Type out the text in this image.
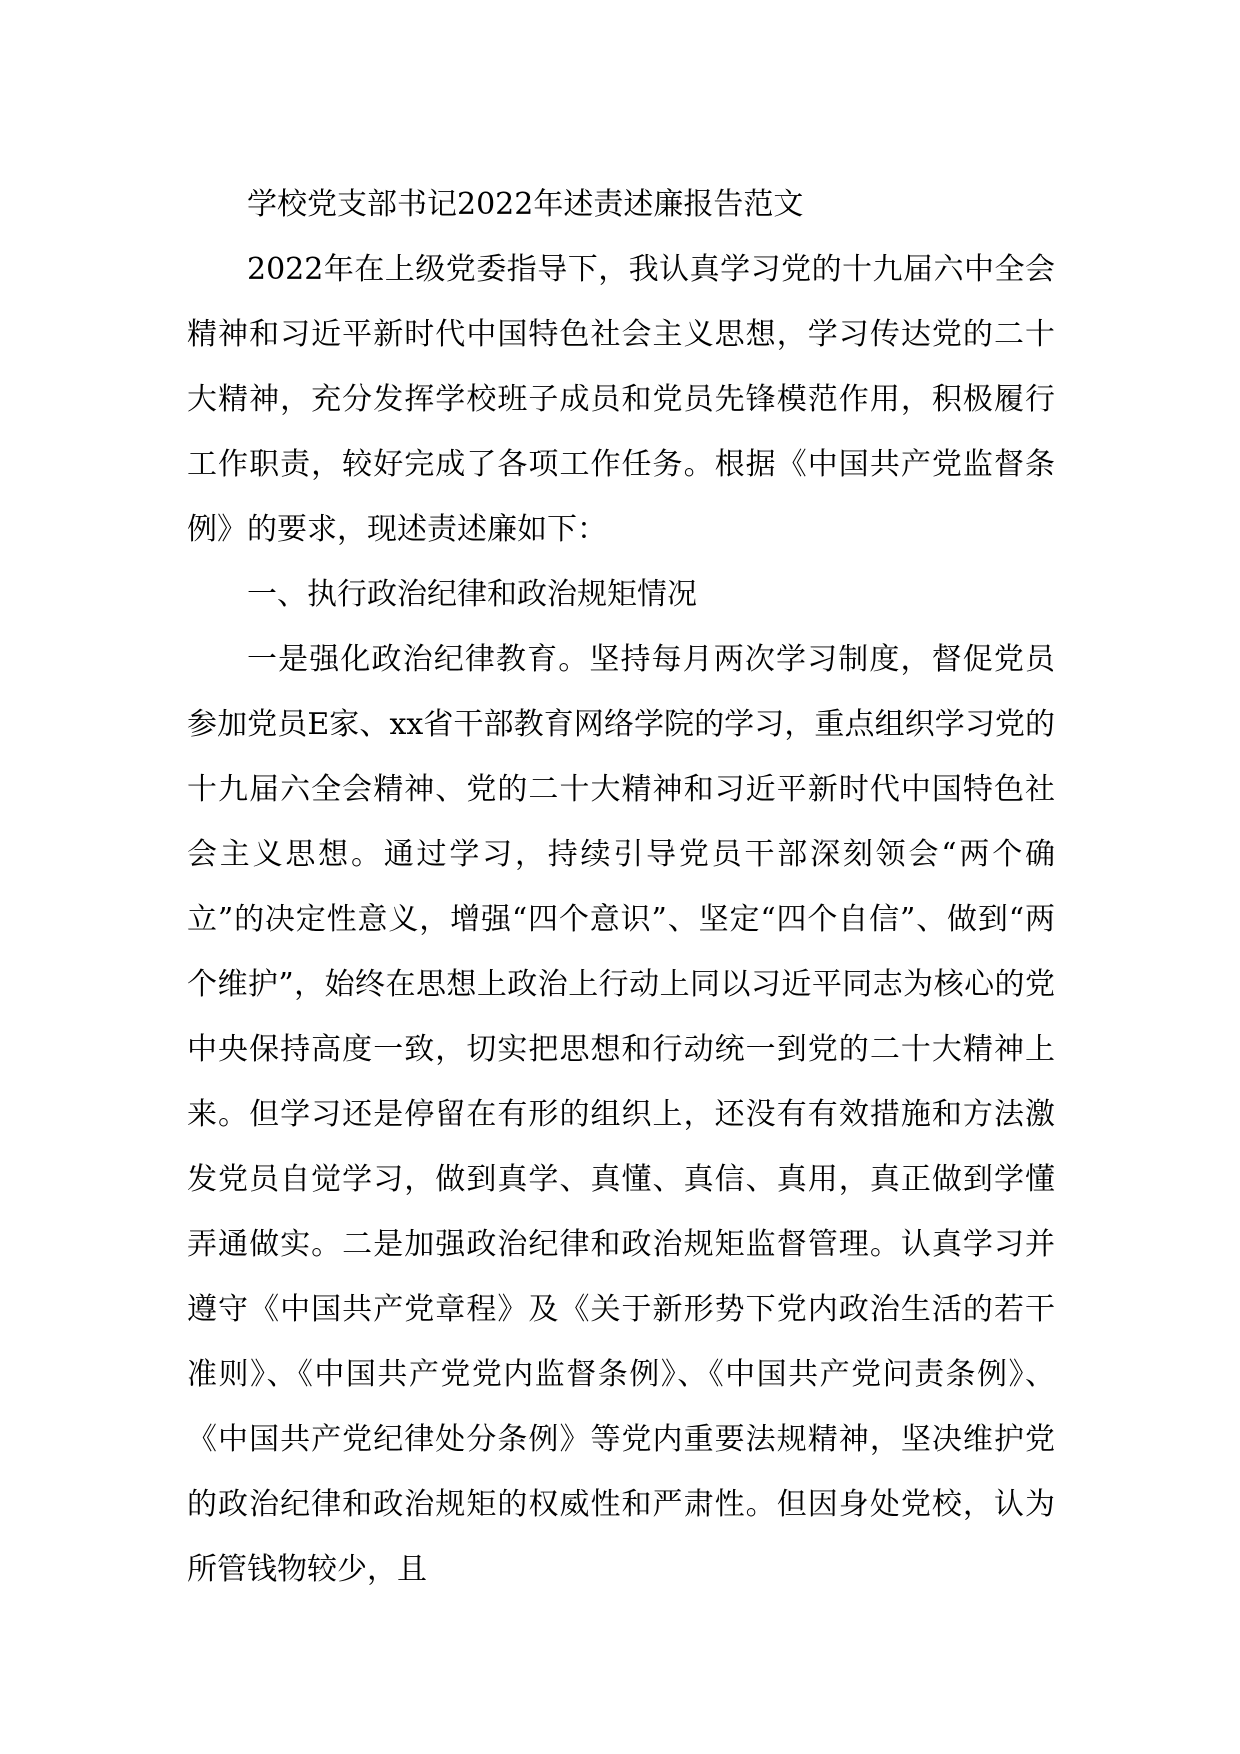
学校党支部书记2022年述责述廉报告范文

2022年在上级党委指导下，我认真学习党的十九届六中全会精神和习近平新时代中国特色社会主义思想，学习传达党的二十大精神，充分发挥学校班子成员和党员先锋模范作用，积极履行工作职责，较好完成了各项工作任务。根据《中国共产党监督条例》的要求，现述责述廉如下：

一、执行政治纪律和政治规矩情况

一是强化政治纪律教育。坚持每月两次学习制度，督促党员参加党员E家、xx省干部教育网络学院的学习，重点组织学习党的十九届六全会精神、党的二十大精神和习近平新时代中国特色社会主义思想。通过学习，持续引导党员干部深刻领会“两个确立”的决定性意义，增强“四个意识”、坚定“四个自信”、做到“两个维护”，始终在思想上政治上行动上同以习近平同志为核心的党中央保持高度一致，切实把思想和行动统一到党的二十大精神上来。但学习还是停留在有形的组织上，还没有有效措施和方法激发党员自觉学习，做到真学、真懂、真信、真用，真正做到学懂弄通做实。二是加强政治纪律和政治规矩监督管理。认真学习并遵守《中国共产党章程》及《关于新形势下党内政治生活的若干准则》、《中国共产党党内监督条例》、《中国共产党问责条例》、《中国共产党纪律处分条例》等党内重要法规精神，坚决维护党的政治纪律和政治规矩的权威性和严肃性。但因身处党校，认为所管钱物较少，且
